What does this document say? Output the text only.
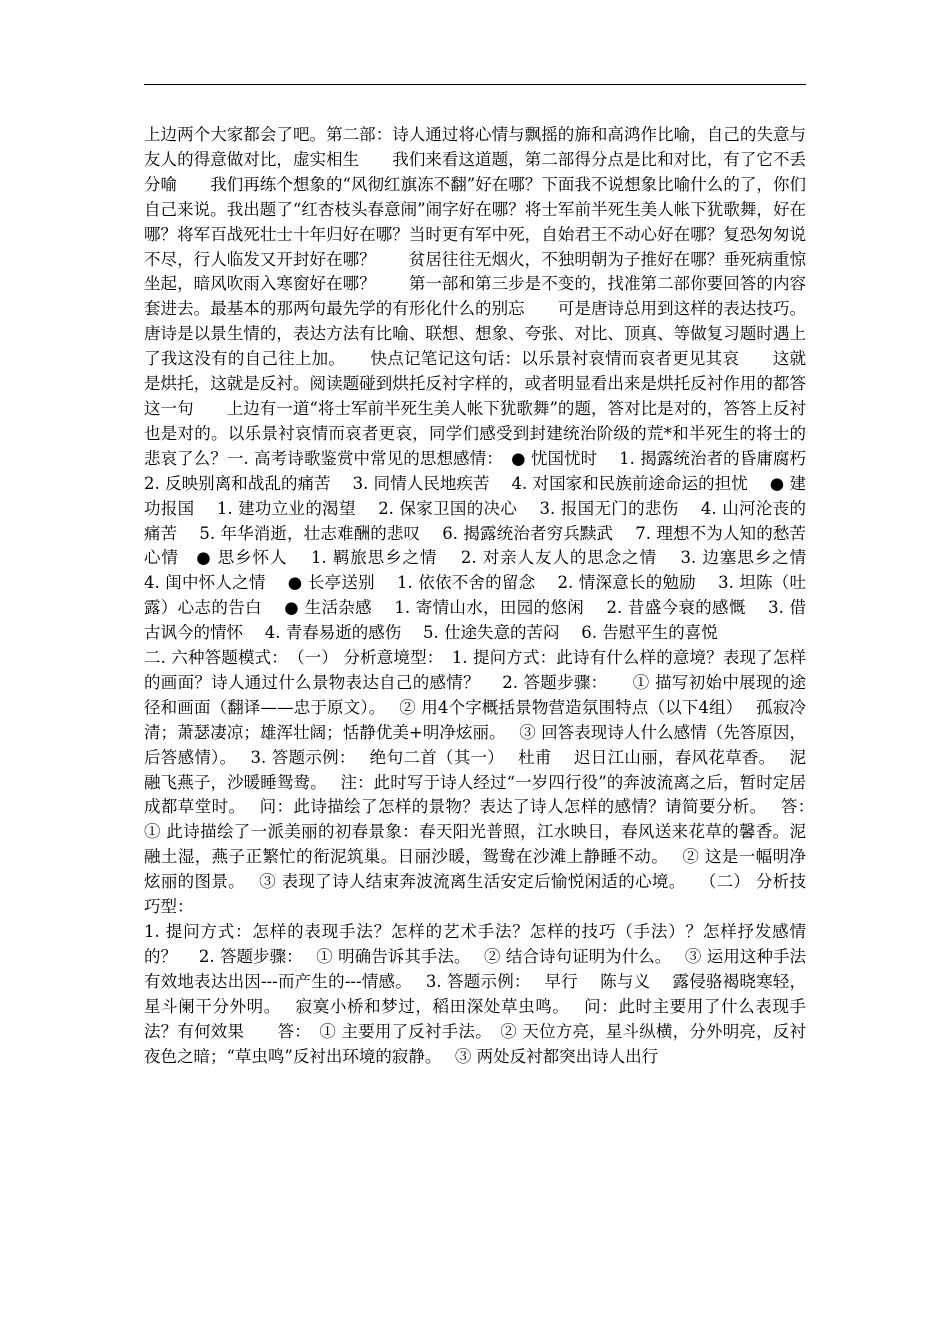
上边两个大家都会了吧。第二部：诗人通过将心情与飘摇的旆和高鸿作比喻，自己的失意与友人的得意做对比，虚实相生　　我们来看这道题，第二部得分点是比和对比，有了它不丢分喻　　我们再练个想象的“风彻红旗冻不翻”好在哪？下面我不说想象比喻什么的了，你们自己来说。我出题了“红杏枝头春意闹”闹字好在哪？将士军前半死生美人帐下犹歌舞，好在哪？将军百战死壮士十年归好在哪？当时更有军中死，自始君王不动心好在哪？复恐匆匆说不尽，行人临发又开封好在哪？　　贫居往往无烟火，不独明朝为子推好在哪？垂死病重惊坐起，暗风吹雨入寒窗好在哪？　　第一部和第三步是不变的，找准第二部你要回答的内容套进去。最基本的那两句最先学的有形化什么的别忘　　可是唐诗总用到这样的表达技巧。唐诗是以景生情的，表达方法有比喻、联想、想象、夸张、对比、顶真、等做复习题时遇上了我这没有的自己往上加。　　快点记笔记这句话：以乐景衬哀情而哀者更见其哀　　这就是烘托，这就是反衬。阅读题碰到烘托反衬字样的，或者明显看出来是烘托反衬作用的都答这一句　　上边有一道“将士军前半死生美人帐下犹歌舞”的题，答对比是对的，答答上反衬也是对的。以乐景衬哀情而哀者更哀，同学们感受到封建统治阶级的荒*和半死生的将士的悲哀了么？一. 高考诗歌鉴赏中常见的思想感情：　● 忧国忧时　 1. 揭露统治者的昏庸腐朽　 2. 反映别离和战乱的痛苦　 3. 同情人民地疾苦　 4. 对国家和民族前途命运的担忧　 ● 建功报国　 1. 建功立业的渴望　 2. 保家卫国的决心　 3. 报国无门的悲伤　 4. 山河沦丧的痛苦　 5. 年华消逝，壮志难酬的悲叹　 6. 揭露统治者穷兵黩武　 7. 理想不为人知的愁苦心情　● 思乡怀人　 1. 羁旅思乡之情　 2. 对亲人友人的思念之情　 3. 边塞思乡之情　 4. 闺中怀人之情　 ● 长亭送别　 1. 依依不舍的留念　 2. 情深意长的勉励　 3. 坦陈（吐露）心志的告白　 ● 生活杂感　 1. 寄情山水，田园的悠闲　 2. 昔盛今衰的感慨　 3. 借古讽今的情怀　 4. 青春易逝的感伤　 5. 仕途失意的苦闷　 6. 告慰平生的喜悦
二. 六种答题模式：　（一） 分析意境型：　1. 提问方式：此诗有什么样的意境？表现了怎样的画面？诗人通过什么景物表达自己的感情？　 2. 答题步骤：　　① 描写初始中展现的途径和画面（翻译——忠于原文）。　 ② 用4个字概括景物营造氛围特点（以下4组）　 孤寂冷清；萧瑟凄凉；雄浑壮阔；恬静优美+明净炫丽。　 ③ 回答表现诗人什么感情（先答原因，后答感情）。　 3. 答题示例：　 绝句二首（其一）　 杜甫　 迟日江山丽，春风花草香。　 泥融飞燕子，沙暖睡鸳鸯。　 注：此时写于诗人经过“一岁四行役”的奔波流离之后，暂时定居成都草堂时。　 问：此诗描绘了怎样的景物？表达了诗人怎样的感情？请简要分析。　 答：　① 此诗描绘了一派美丽的初春景象：春天阳光普照，江水映日，春风送来花草的馨香。泥融土湿，燕子正繁忙的衔泥筑巢。日丽沙暖，鸳鸯在沙滩上静睡不动。　 ② 这是一幅明净炫丽的图景。　 ③ 表现了诗人结束奔波流离生活安定后愉悦闲适的心境。　 （二） 分析技巧型：
1. 提问方式：怎样的表现手法？怎样的艺术手法？怎样的技巧（手法）？怎样抒发感情的？　 2. 答题步骤：　 ① 明确告诉其手法。　 ② 结合诗句证明为什么。　 ③ 运用这种手法有效地表达出因---而产生的---情感。　 3. 答题示例：　 早行　 陈与义　 露侵骆褐晓寒轻，星斗阑干分外明。　 寂寞小桥和梦过，稻田深处草虫鸣。　 问：此时主要用了什么表现手法？有何效果　　答：　① 主要用了反衬手法。　② 天位方亮，星斗纵横，分外明亮，反衬夜色之暗；“草虫鸣”反衬出环境的寂静。　 ③ 两处反衬都突出诗人出行
